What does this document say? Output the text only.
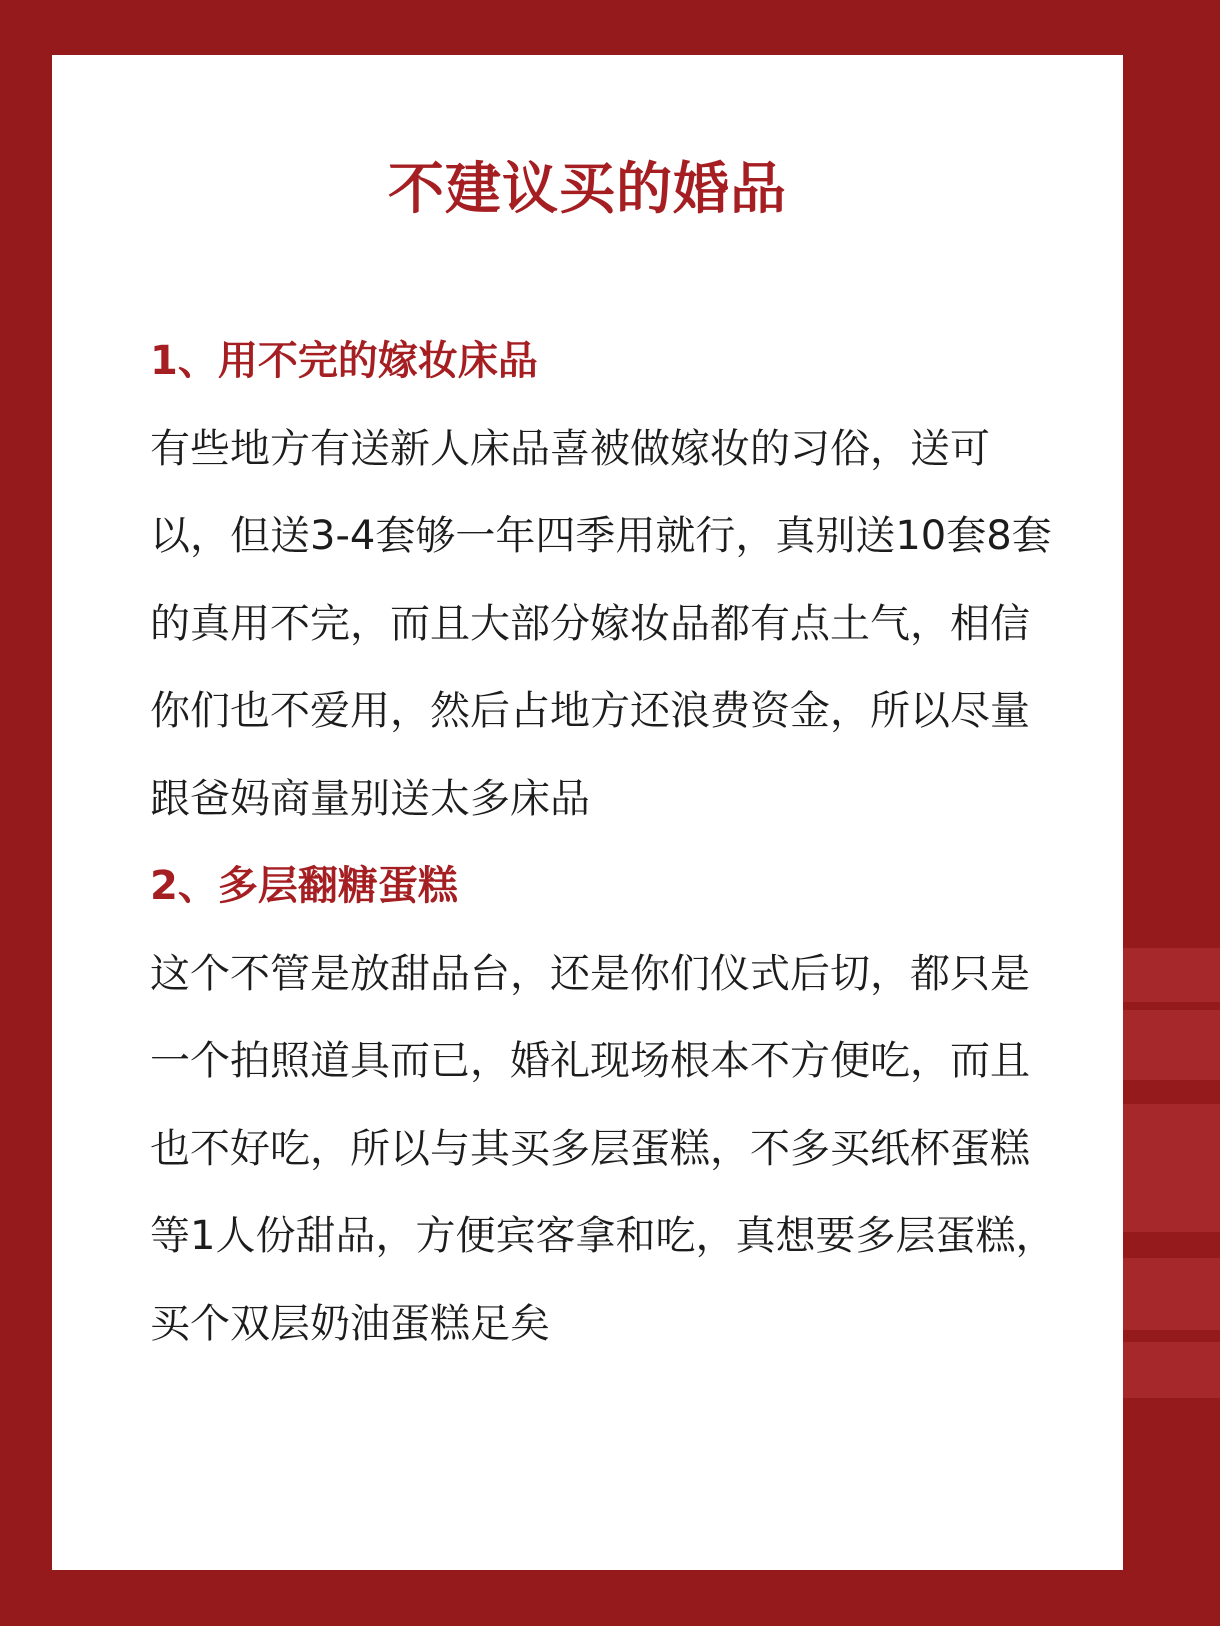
不建议买的婚品
1、用不完的嫁妆床品
有些地方有送新人床品喜被做嫁妆的习俗，送可
以，但送3-4套够一年四季用就行，真别送10套8套
的真用不完，而且大部分嫁妆品都有点土气，相信
你们也不爱用，然后占地方还浪费资金，所以尽量
跟爸妈商量别送太多床品
2、多层翻糖蛋糕
这个不管是放甜品台，还是你们仪式后切，都只是
一个拍照道具而已，婚礼现场根本不方便吃，而且
也不好吃，所以与其买多层蛋糕，不多买纸杯蛋糕
等1人份甜品，方便宾客拿和吃，真想要多层蛋糕，
买个双层奶油蛋糕足矣
